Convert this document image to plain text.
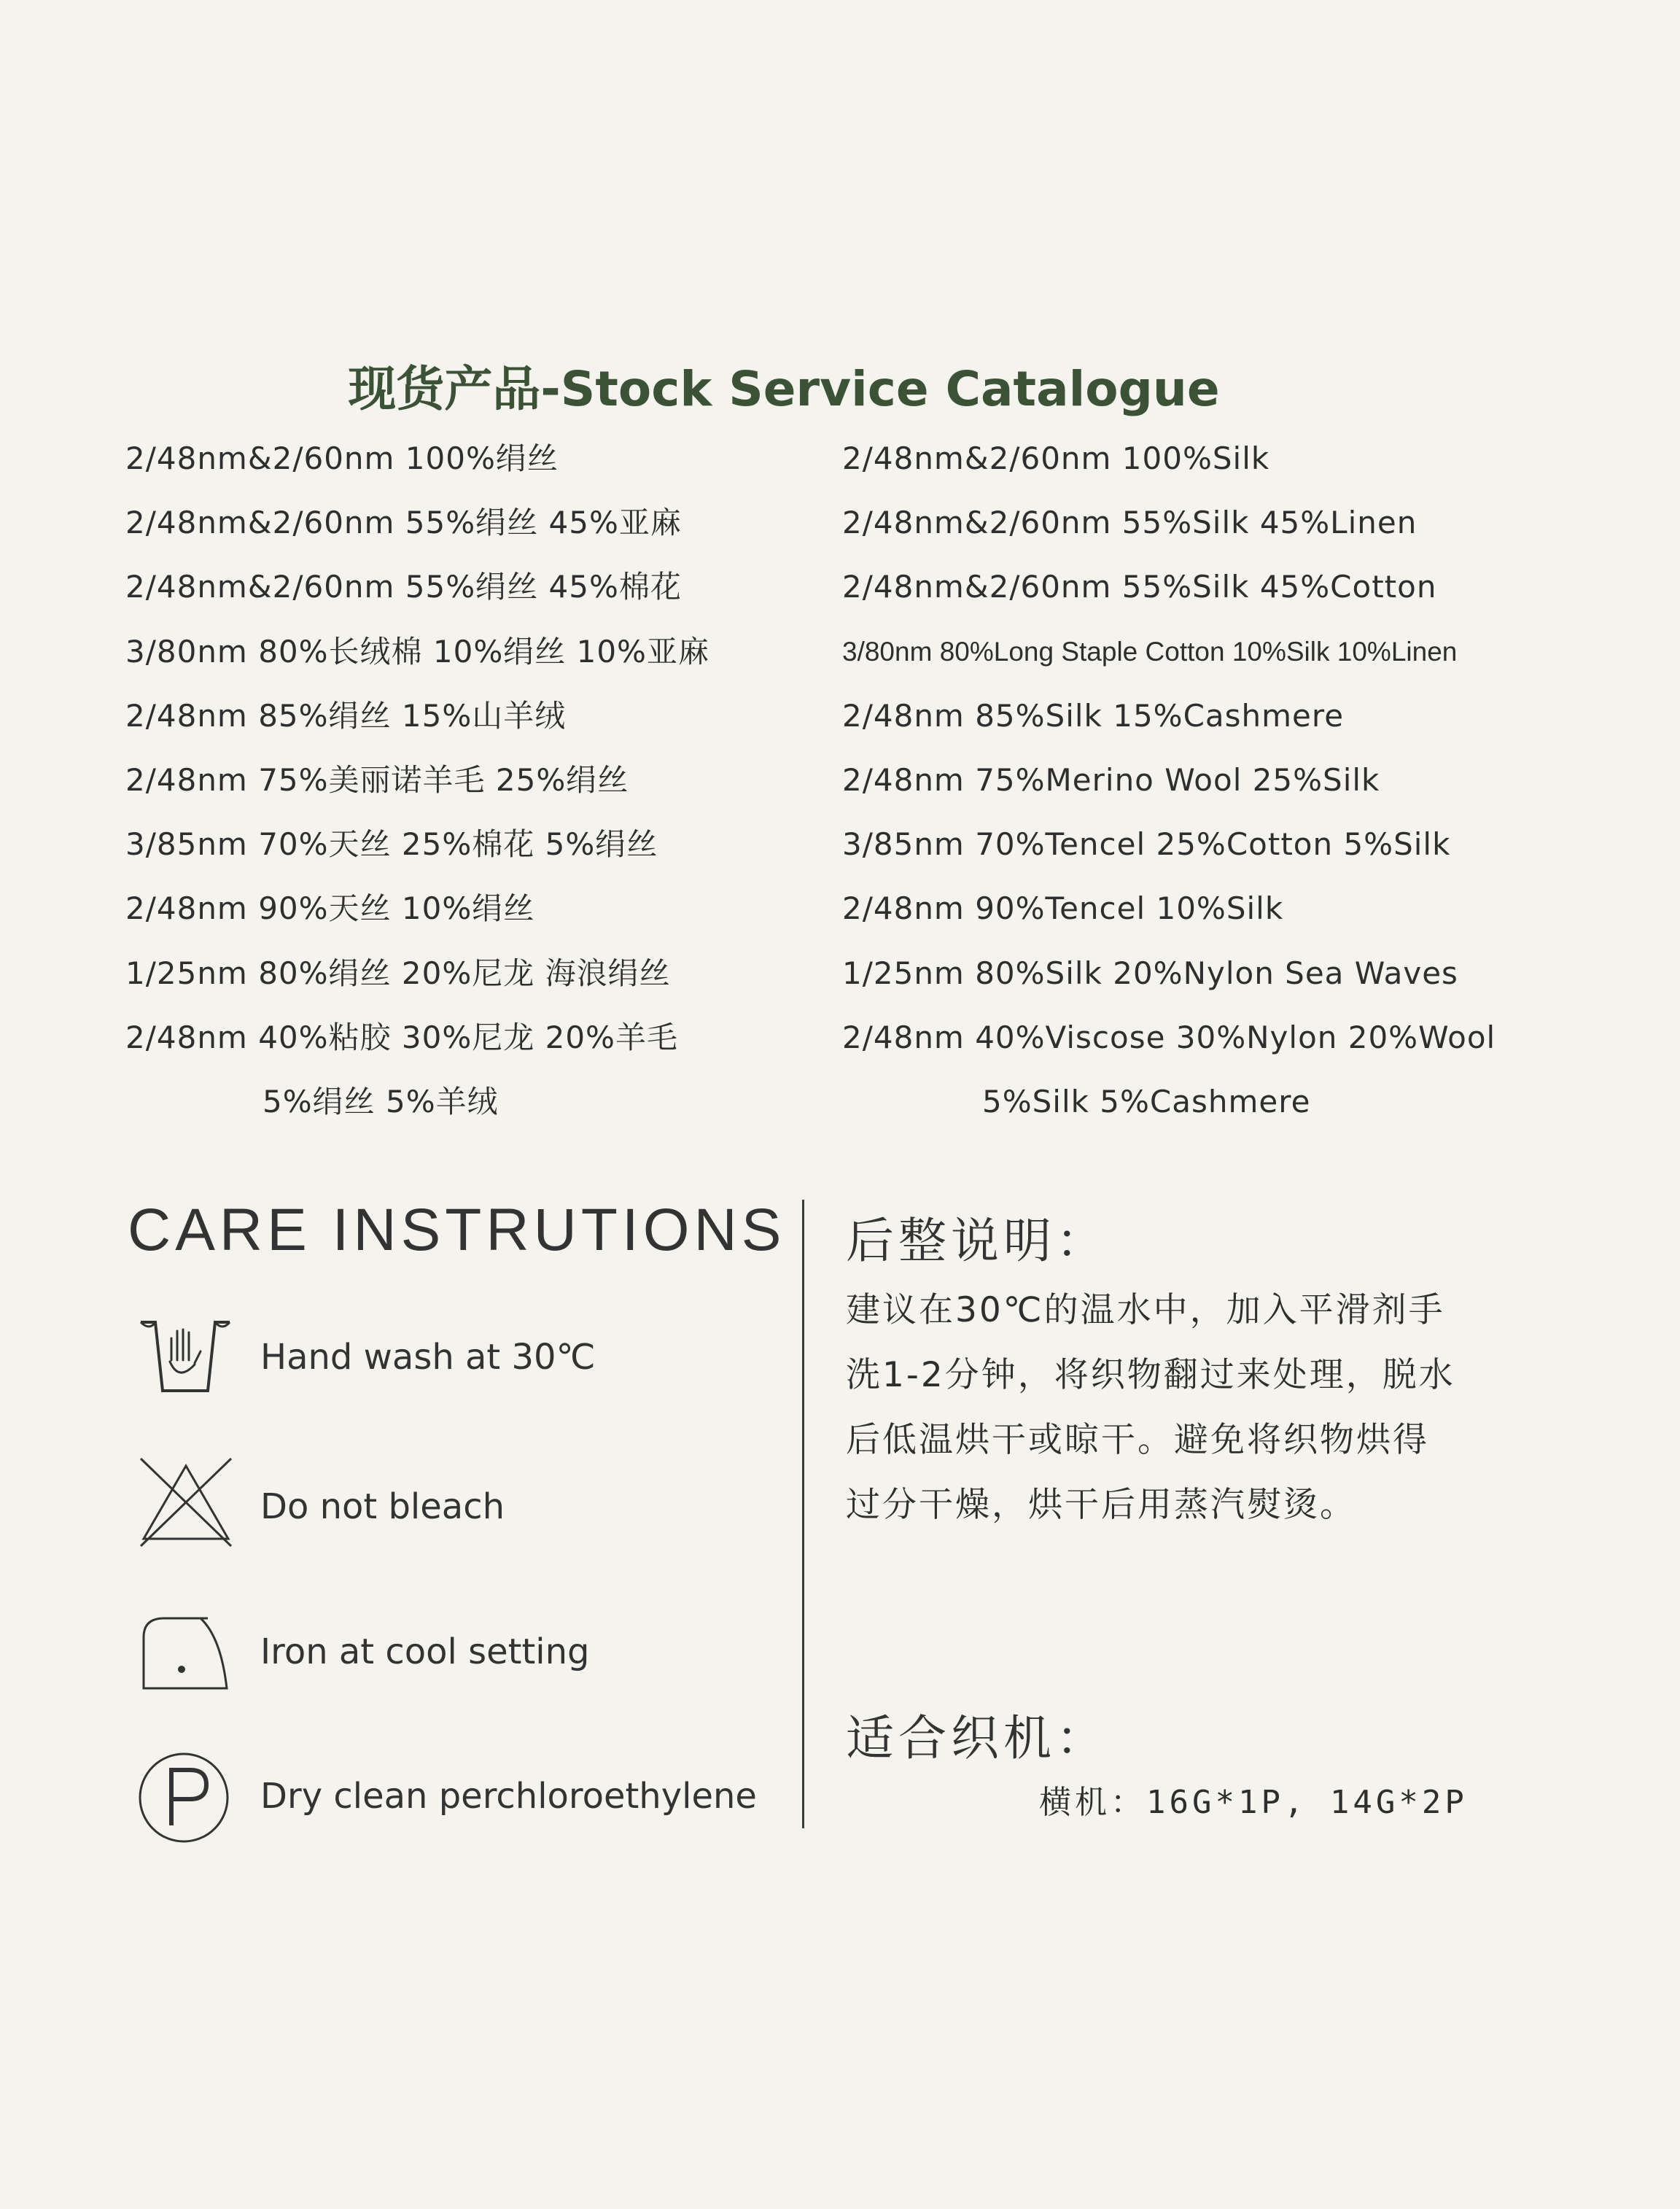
现货产品-Stock Service Catalogue
2/48nm&2/60nm 100%绢丝
2/48nm&2/60nm 55%绢丝 45%亚麻
2/48nm&2/60nm 55%绢丝 45%棉花
3/80nm 80%长绒棉 10%绢丝 10%亚麻
2/48nm 85%绢丝 15%山羊绒
2/48nm 75%美丽诺羊毛 25%绢丝
3/85nm 70%天丝 25%棉花 5%绢丝
2/48nm 90%天丝 10%绢丝
1/25nm 80%绢丝 20%尼龙 海浪绢丝
2/48nm 40%粘胶 30%尼龙 20%羊毛
5%绢丝 5%羊绒
2/48nm&2/60nm 100%Silk
2/48nm&2/60nm 55%Silk 45%Linen
2/48nm&2/60nm 55%Silk 45%Cotton
3/80nm 80%Long Staple Cotton 10%Silk 10%Linen
2/48nm 85%Silk 15%Cashmere
2/48nm 75%Merino Wool 25%Silk
3/85nm 70%Tencel 25%Cotton 5%Silk
2/48nm 90%Tencel 10%Silk
1/25nm 80%Silk 20%Nylon Sea Waves
2/48nm 40%Viscose 30%Nylon 20%Wool
5%Silk 5%Cashmere
CARE INSTRUTIONS
Hand wash at 30℃
Do not bleach
Iron at cool setting
Dry clean perchloroethylene
后整说明：
建议在30℃的温水中，加入平滑剂手
洗1-2分钟，将织物翻过来处理，脱水
后低温烘干或晾干。避免将织物烘得
过分干燥，烘干后用蒸汽熨烫。
适合织机：
横机：16G*1P, 14G*2P
